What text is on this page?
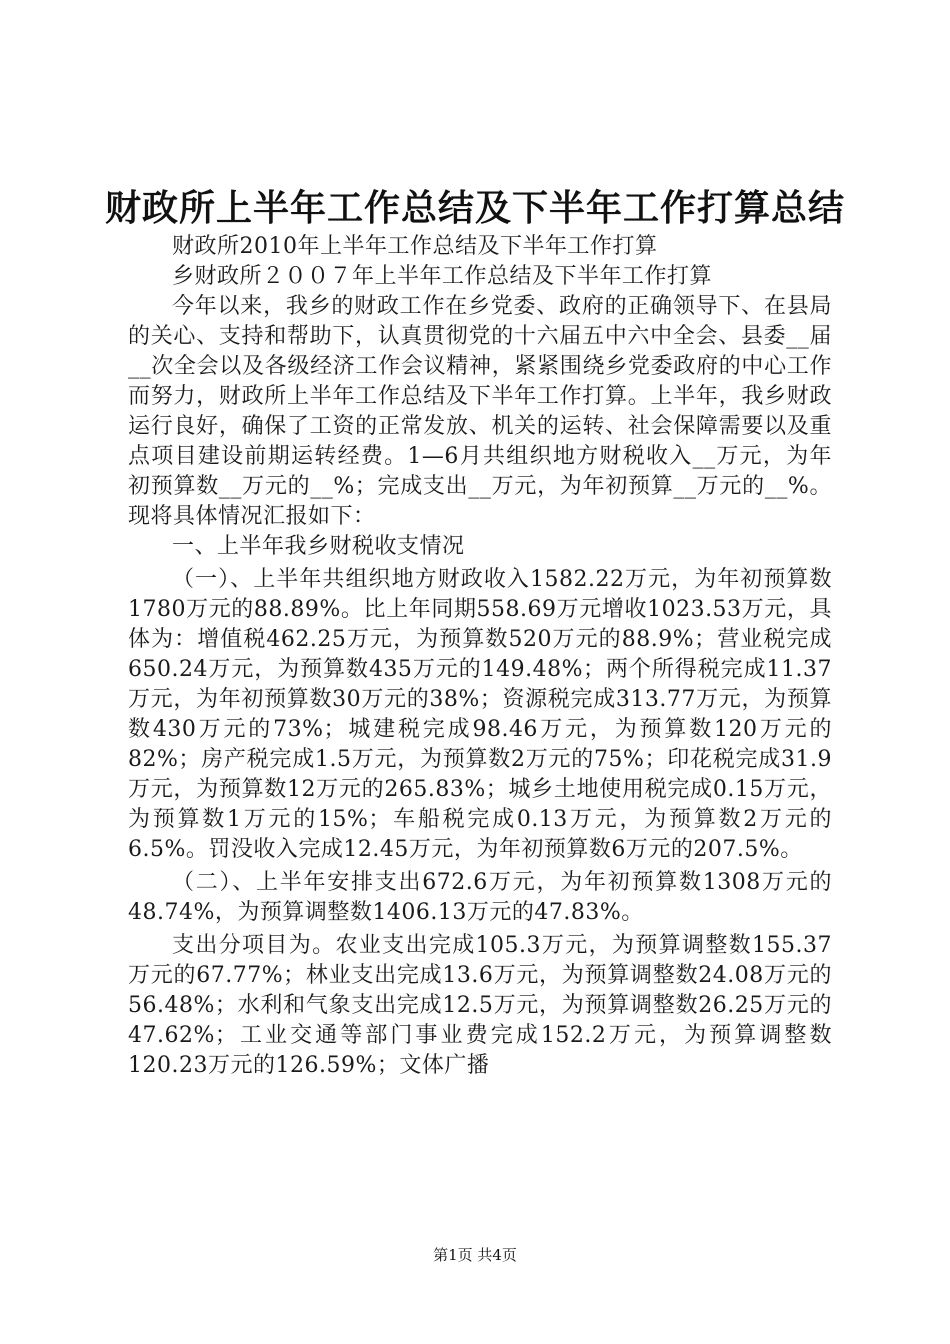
财政所上半年工作总结及下半年工作打算总结

财政所2010年上半年工作总结及下半年工作打算

乡财政所２００７年上半年工作总结及下半年工作打算

今年以来，我乡的财政工作在乡党委、政府的正确领导下、在县局的关心、支持和帮助下，认真贯彻党的十六届五中六中全会、县委__届__次全会以及各级经济工作会议精神，紧紧围绕乡党委政府的中心工作而努力，财政所上半年工作总结及下半年工作打算。上半年，我乡财政运行良好，确保了工资的正常发放、机关的运转、社会保障需要以及重点项目建设前期运转经费。1—6月共组织地方财税收入__万元，为年初预算数__万元的__%；完成支出__万元，为年初预算__万元的__%。现将具体情况汇报如下：

一、上半年我乡财税收支情况

（一）、上半年共组织地方财政收入1582.22万元，为年初预算数1780万元的88.89%。比上年同期558.69万元增收1023.53万元，具体为：增值税462.25万元，为预算数520万元的88.9%；营业税完成650.24万元，为预算数435万元的149.48%；两个所得税完成11.37万元，为年初预算数30万元的38%；资源税完成313.77万元，为预算数430万元的73%；城建税完成98.46万元，为预算数120万元的82%；房产税完成1.5万元，为预算数2万元的75%；印花税完成31.9万元，为预算数12万元的265.83%；城乡土地使用税完成0.15万元，为预算数1万元的15%；车船税完成0.13万元，为预算数2万元的6.5%。罚没收入完成12.45万元，为年初预算数6万元的207.5%。

（二）、上半年安排支出672.6万元，为年初预算数1308万元的48.74%，为预算调整数1406.13万元的47.83%。

支出分项目为。农业支出完成105.3万元，为预算调整数155.37万元的67.77%；林业支出完成13.6万元，为预算调整数24.08万元的56.48%；水利和气象支出完成12.5万元，为预算调整数26.25万元的47.62%；工业交通等部门事业费完成152.2万元，为预算调整数120.23万元的126.59%；文体广播

第1页 共4页
